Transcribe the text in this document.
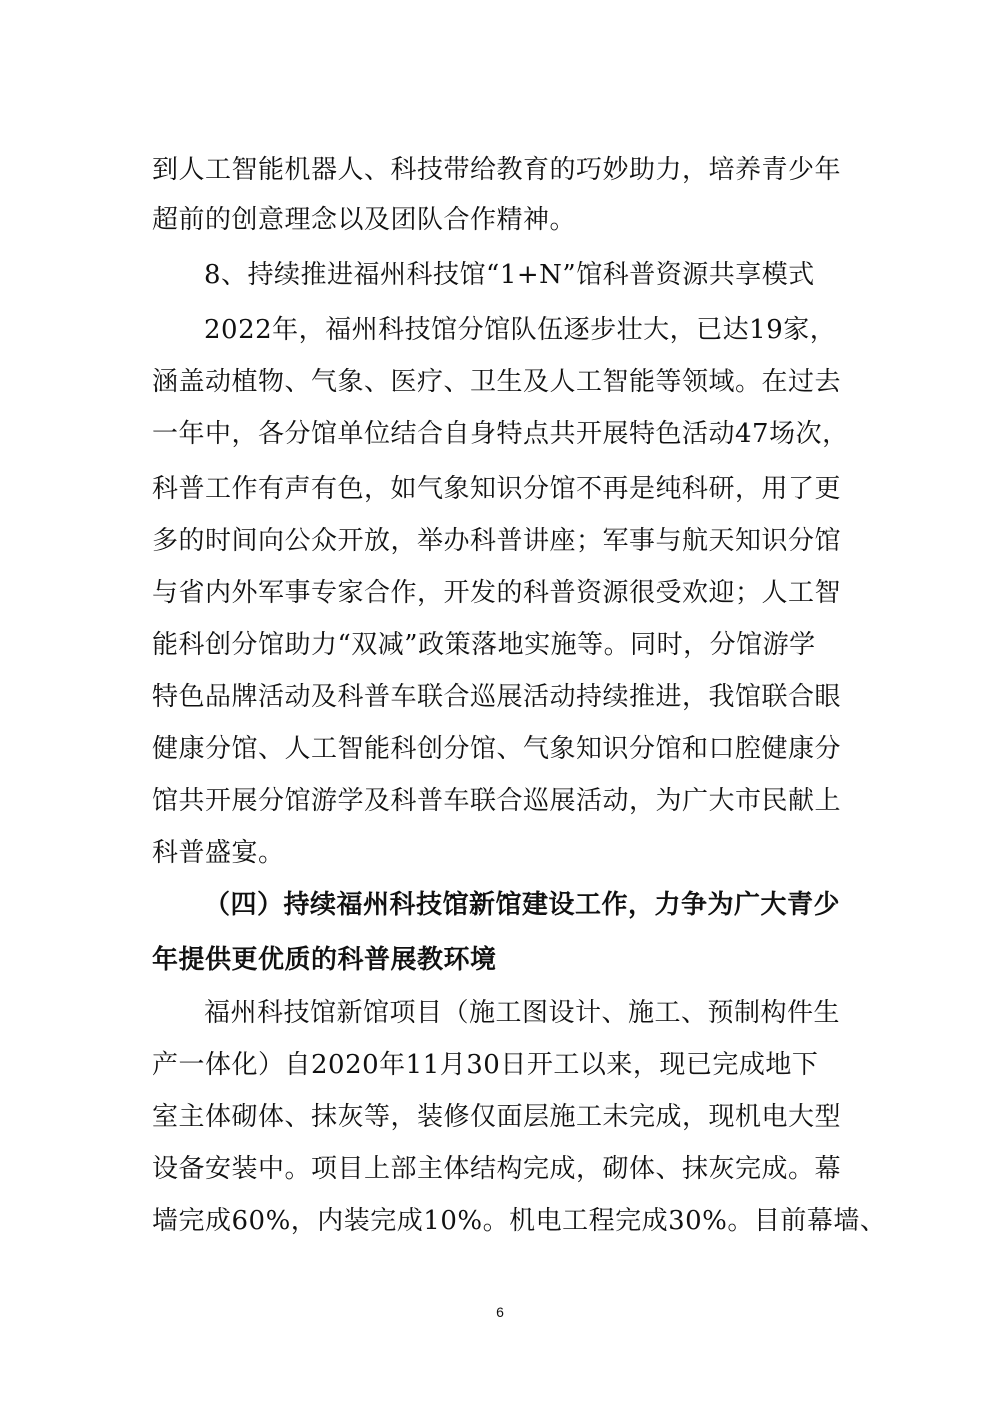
到人工智能机器人、科技带给教育的巧妙助力，培养青少年
超前的创意理念以及团队合作精神。
8、持续推进福州科技馆“1+N”馆科普资源共享模式
2022年，福州科技馆分馆队伍逐步壮大，已达19家，
涵盖动植物、气象、医疗、卫生及人工智能等领域。在过去
一年中，各分馆单位结合自身特点共开展特色活动47场次，
科普工作有声有色，如气象知识分馆不再是纯科研，用了更
多的时间向公众开放，举办科普讲座；军事与航天知识分馆
与省内外军事专家合作，开发的科普资源很受欢迎；人工智
能科创分馆助力“双减”政策落地实施等。同时，分馆游学
特色品牌活动及科普车联合巡展活动持续推进，我馆联合眼
健康分馆、人工智能科创分馆、气象知识分馆和口腔健康分
馆共开展分馆游学及科普车联合巡展活动，为广大市民献上
科普盛宴。
（四）持续福州科技馆新馆建设工作，力争为广大青少
年提供更优质的科普展教环境
福州科技馆新馆项目（施工图设计、施工、预制构件生
产一体化）自2020年11月30日开工以来，现已完成地下
室主体砌体、抹灰等，装修仅面层施工未完成，现机电大型
设备安装中。项目上部主体结构完成，砌体、抹灰完成。幕
墙完成60%，内装完成10%。机电工程完成30%。目前幕墙、
6
